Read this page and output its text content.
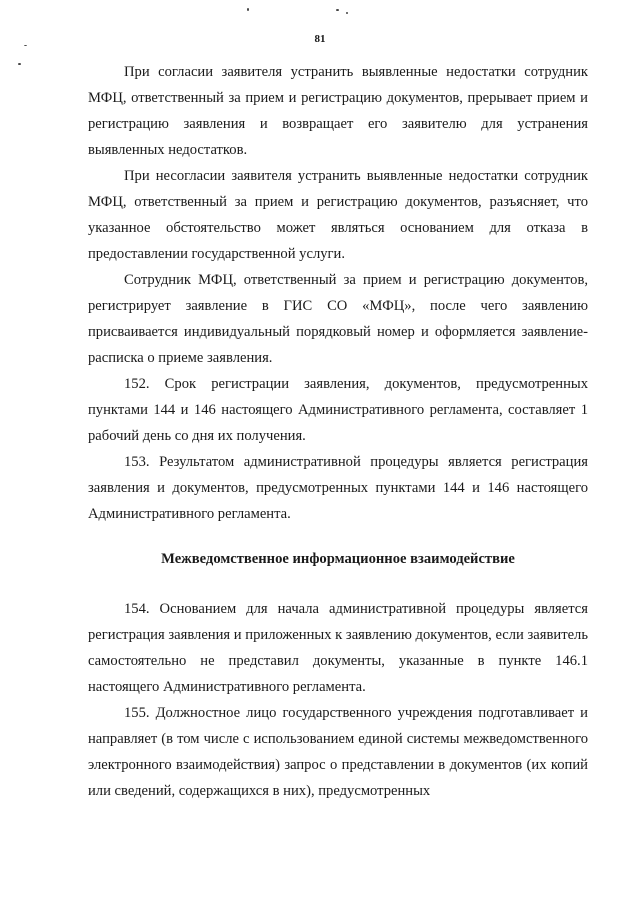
81

При согласии заявителя устранить выявленные недостатки сотрудник МФЦ, ответственный за прием и регистрацию документов, прерывает прием и регистрацию заявления и возвращает его заявителю для устранения выявленных недостатков.

При несогласии заявителя устранить выявленные недостатки сотрудник МФЦ, ответственный за прием и регистрацию документов, разъясняет, что указанное обстоятельство может являться основанием для отказа в предоставлении государственной услуги.

Сотрудник МФЦ, ответственный за прием и регистрацию документов, регистрирует заявление в ГИС СО «МФЦ», после чего заявлению присваивается индивидуальный порядковый номер и оформляется заявление-расписка о приеме заявления.

152. Срок регистрации заявления, документов, предусмотренных пунктами 144 и 146 настоящего Административного регламента, составляет 1 рабочий день со дня их получения.

153. Результатом административной процедуры является регистрация заявления и документов, предусмотренных пунктами 144 и 146 настоящего Административного регламента.

Межведомственное информационное взаимодействие

154. Основанием для начала административной процедуры является регистрация заявления и приложенных к заявлению документов, если заявитель самостоятельно не представил документы, указанные в пункте 146.1 настоящего Административного регламента.

155. Должностное лицо государственного учреждения подготавливает и направляет (в том числе с использованием единой системы межведомственного электронного взаимодействия) запрос о представлении в документов (их копий или сведений, содержащихся в них), предусмотренных
